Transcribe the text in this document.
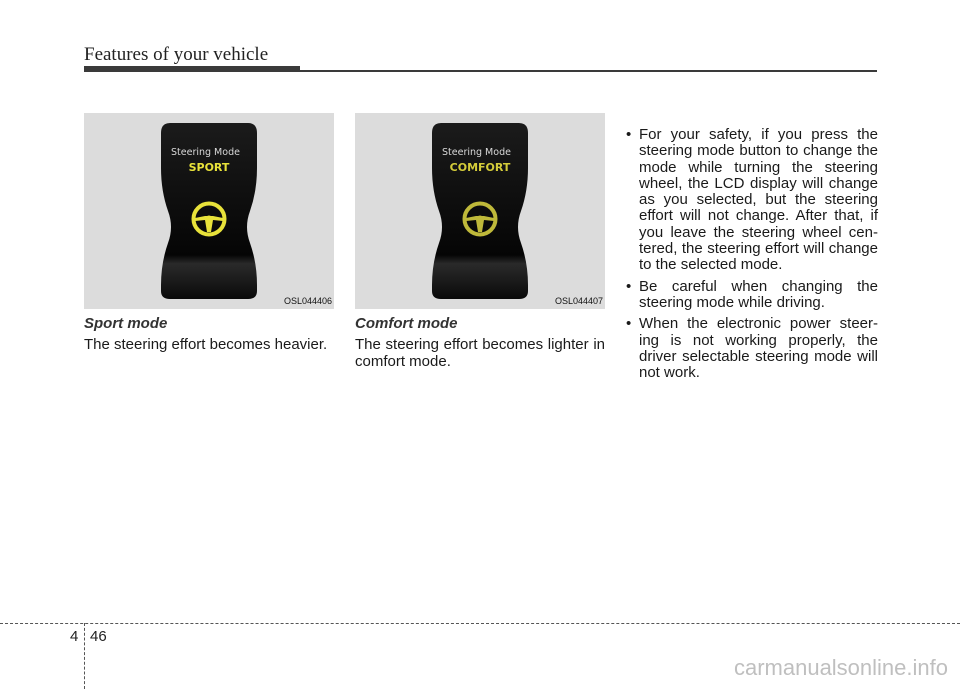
Features of your vehicle
Steering Mode
SPORT
OSL044406
Steering Mode
COMFORT
OSL044407
Sport mode
The steering effort becomes heavier.
Comfort mode
The steering effort becomes lighter in comfort mode.
• For your safety, if you press the steering mode button to change the mode while turning the steering wheel, the LCD display will change as you selected, but the steering effort will not change. After that, if you leave the steering wheel cen-tered, the steering effort will change to the selected mode.
• Be careful when changing the steering mode while driving.
• When the electronic power steer-ing is not working properly, the driver selectable steering mode will not work.
4 46
carmanualsonline.info
